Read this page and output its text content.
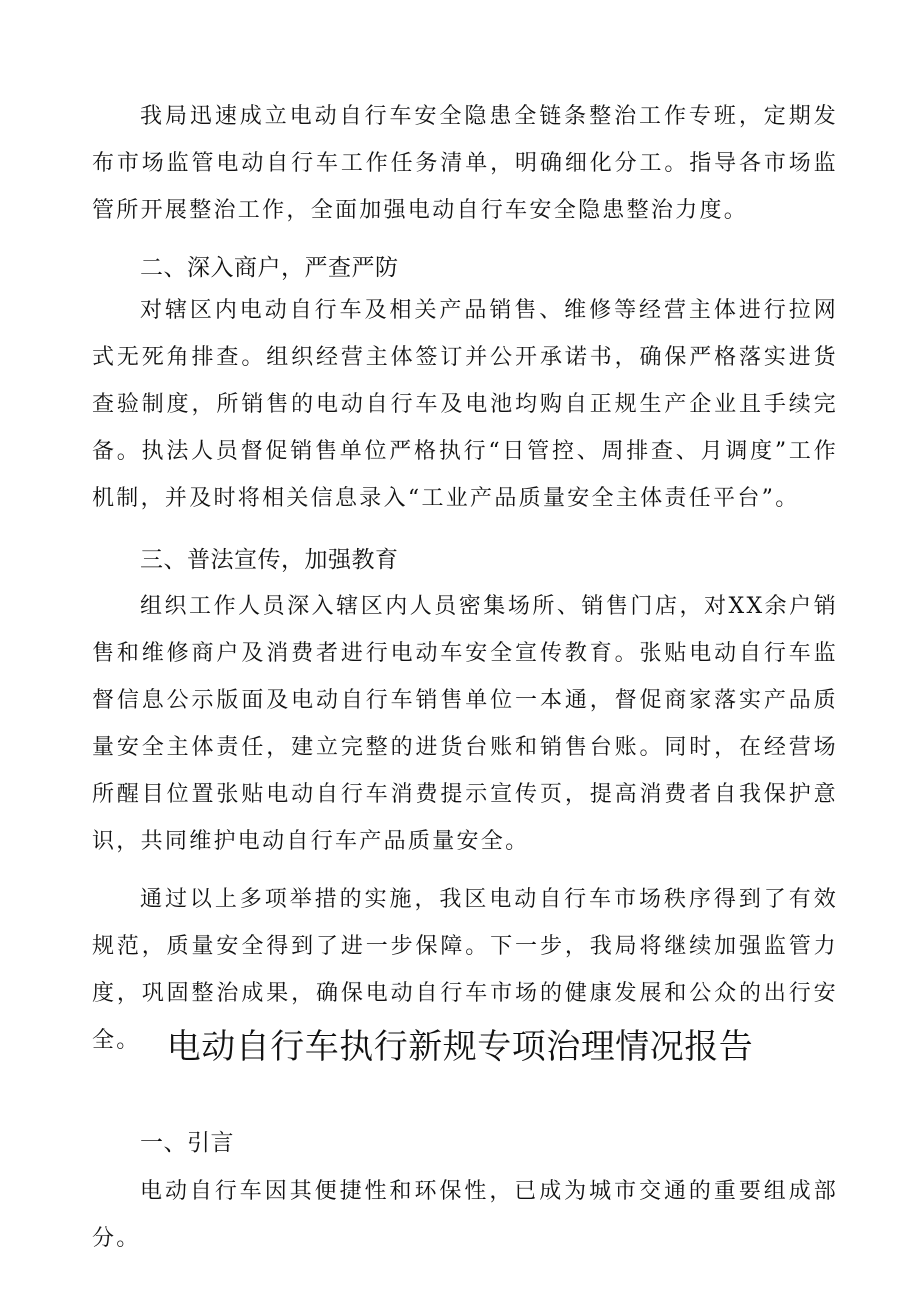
我局迅速成立电动自行车安全隐患全链条整治工作专班，定期发布市场监管电动自行车工作任务清单，明确细化分工。指导各市场监管所开展整治工作，全面加强电动自行车安全隐患整治力度。

二、深入商户，严查严防

对辖区内电动自行车及相关产品销售、维修等经营主体进行拉网式无死角排查。组织经营主体签订并公开承诺书，确保严格落实进货查验制度，所销售的电动自行车及电池均购自正规生产企业且手续完备。执法人员督促销售单位严格执行“日管控、周排查、月调度”工作机制，并及时将相关信息录入“工业产品质量安全主体责任平台”。

三、普法宣传，加强教育

组织工作人员深入辖区内人员密集场所、销售门店，对XX余户销售和维修商户及消费者进行电动车安全宣传教育。张贴电动自行车监督信息公示版面及电动自行车销售单位一本通，督促商家落实产品质量安全主体责任，建立完整的进货台账和销售台账。同时，在经营场所醒目位置张贴电动自行车消费提示宣传页，提高消费者自我保护意识，共同维护电动自行车产品质量安全。

通过以上多项举措的实施，我区电动自行车市场秩序得到了有效规范，质量安全得到了进一步保障。下一步，我局将继续加强监管力度，巩固整治成果，确保电动自行车市场的健康发展和公众的出行安全。 电动自行车执行新规专项治理情况报告
一、引言

电动自行车因其便捷性和环保性，已成为城市交通的重要组成部分。
